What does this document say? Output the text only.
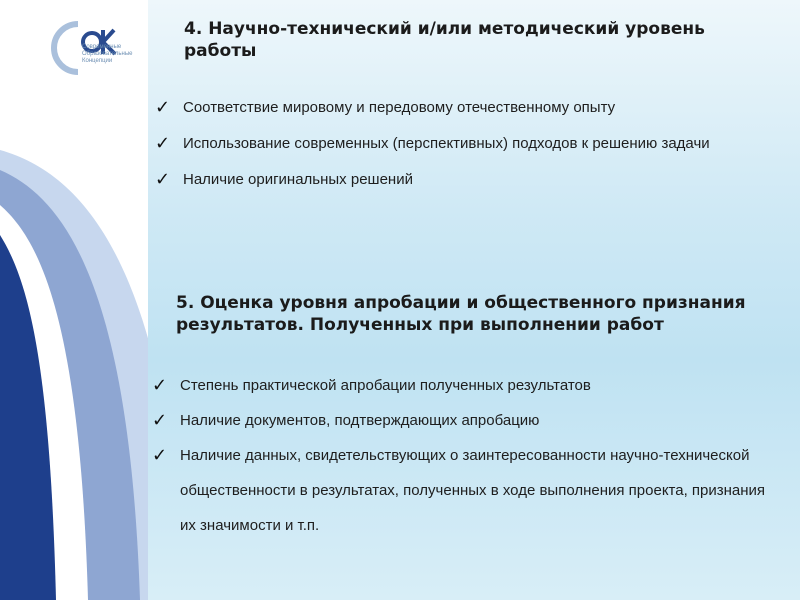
Современные
Образовательные
Концепции
4. Научно-технический и/или методический уровень работы
✓ Соответствие мировому и передовому отечественному опыту
✓ Использование современных (перспективных) подходов к решению задачи
✓ Наличие оригинальных решений
5. Оценка уровня апробации и общественного признания результатов. Полученных при выполнении работ
✓ Степень практической апробации полученных результатов
✓ Наличие документов, подтверждающих апробацию
✓ Наличие данных, свидетельствующих о заинтересованности научно-технической общественности в результатах, полученных в ходе выполнения проекта, признания их значимости и т.п.
